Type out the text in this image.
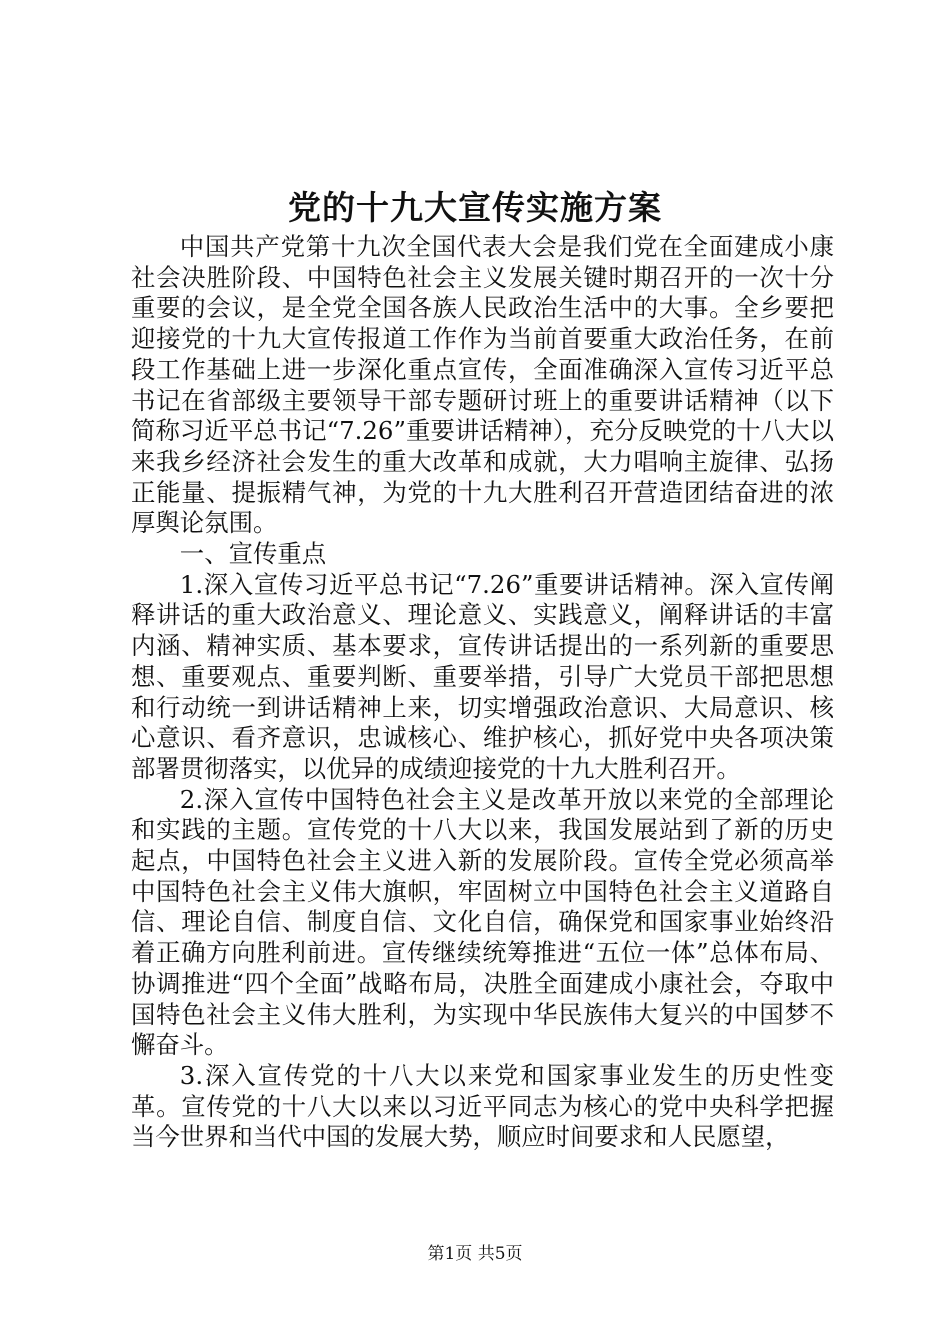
党的十九大宣传实施方案

中国共产党第十九次全国代表大会是我们党在全面建成小康社会决胜阶段、中国特色社会主义发展关键时期召开的一次十分重要的会议，是全党全国各族人民政治生活中的大事。全乡要把迎接党的十九大宣传报道工作作为当前首要重大政治任务，在前段工作基础上进一步深化重点宣传，全面准确深入宣传习近平总书记在省部级主要领导干部专题研讨班上的重要讲话精神（以下简称习近平总书记“7.26”重要讲话精神），充分反映党的十八大以来我乡经济社会发生的重大改革和成就，大力唱响主旋律、弘扬正能量、提振精气神，为党的十九大胜利召开营造团结奋进的浓厚舆论氛围。

一、宣传重点

1.深入宣传习近平总书记“7.26”重要讲话精神。深入宣传阐释讲话的重大政治意义、理论意义、实践意义，阐释讲话的丰富内涵、精神实质、基本要求，宣传讲话提出的一系列新的重要思想、重要观点、重要判断、重要举措，引导广大党员干部把思想和行动统一到讲话精神上来，切实增强政治意识、大局意识、核心意识、看齐意识，忠诚核心、维护核心，抓好党中央各项决策部署贯彻落实，以优异的成绩迎接党的十九大胜利召开。

2.深入宣传中国特色社会主义是改革开放以来党的全部理论和实践的主题。宣传党的十八大以来，我国发展站到了新的历史起点，中国特色社会主义进入新的发展阶段。宣传全党必须高举中国特色社会主义伟大旗帜，牢固树立中国特色社会主义道路自信、理论自信、制度自信、文化自信，确保党和国家事业始终沿着正确方向胜利前进。宣传继续统筹推进“五位一体”总体布局、协调推进“四个全面”战略布局，决胜全面建成小康社会，夺取中国特色社会主义伟大胜利，为实现中华民族伟大复兴的中国梦不懈奋斗。

3.深入宣传党的十八大以来党和国家事业发生的历史性变革。宣传党的十八大以来以习近平同志为核心的党中央科学把握当今世界和当代中国的发展大势，顺应时间要求和人民愿望，

第1页 共5页
